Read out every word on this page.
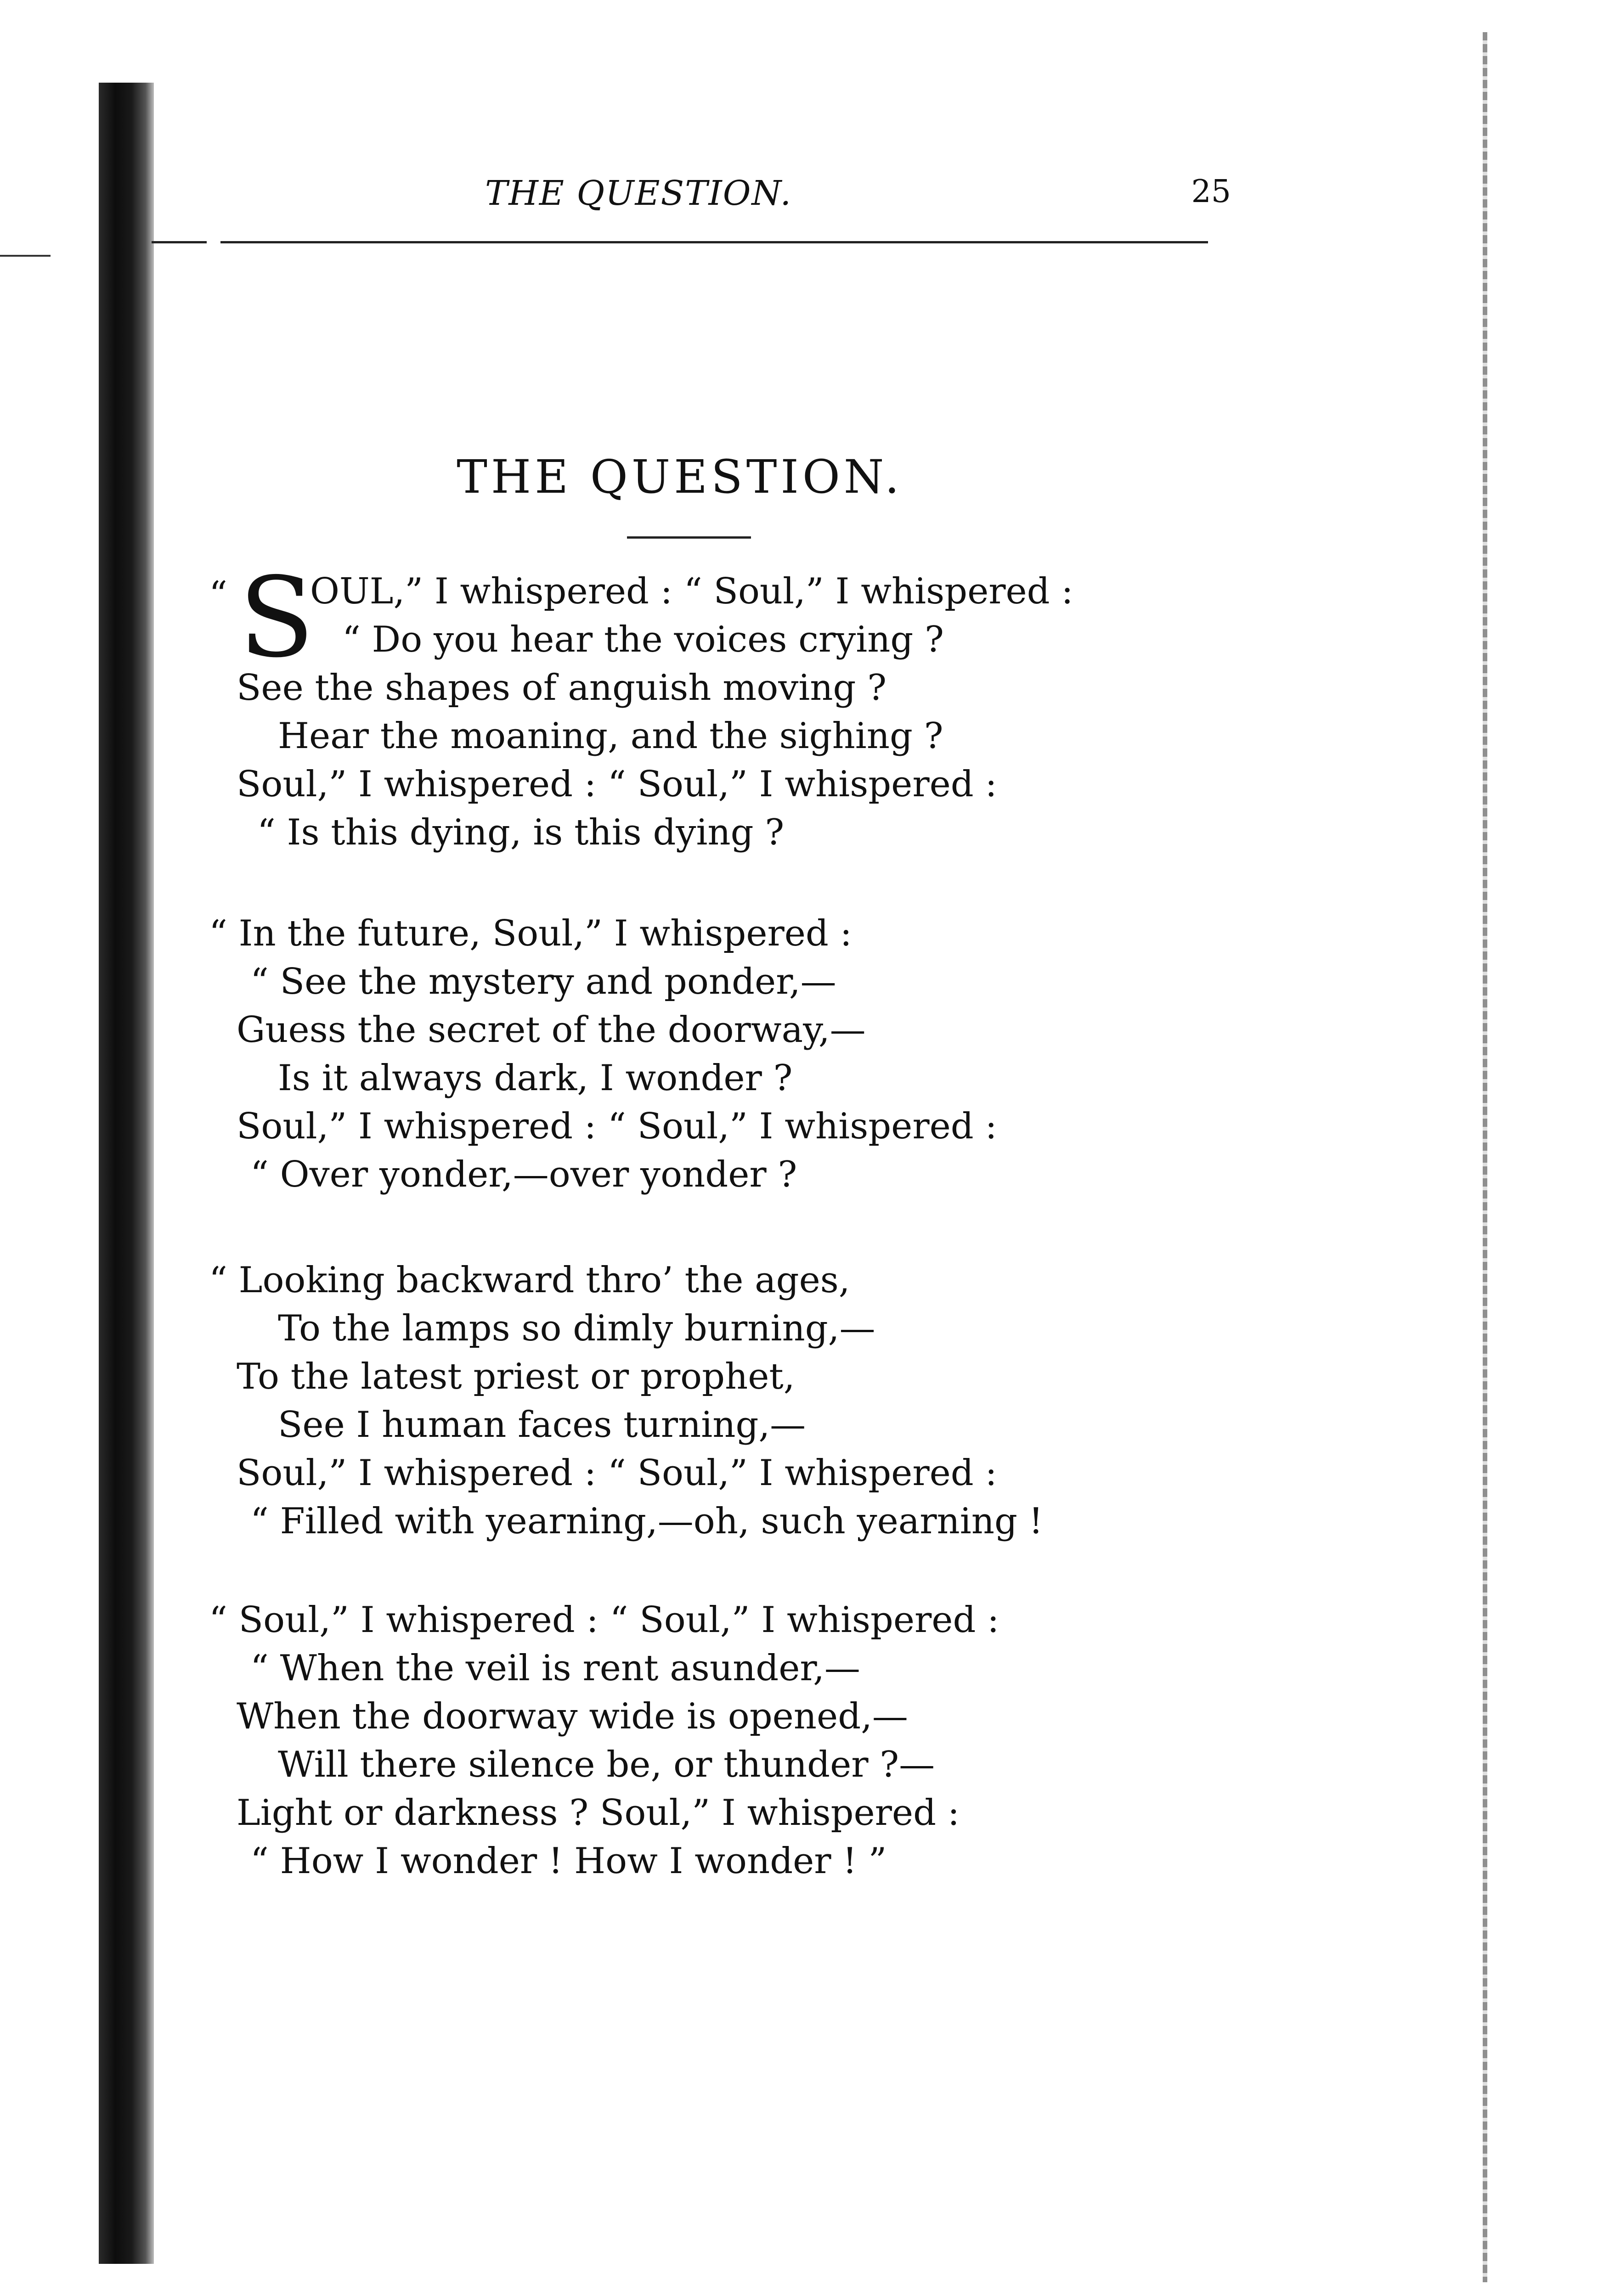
THE QUESTION.	25
THE QUESTION.
“ S
OUL,” I whispered : “ Soul,” I whispered :
“ Do you hear the voices crying ?
See the shapes of anguish moving ?
Hear the moaning, and the sighing ?
Soul,” I whispered : “ Soul,” I whispered :
“ Is this dying, is this dying ?
“ In the future, Soul,” I whispered :
“ See the mystery and ponder,—
Guess the secret of the doorway,—
Is it always dark, I wonder ?
Soul,” I whispered : “ Soul,” I whispered :
“ Over yonder,—over yonder ?
“ Looking backward thro’ the ages,
To the lamps so dimly burning,—
To the latest priest or prophet,
See I human faces turning,—
Soul,” I whispered : “ Soul,” I whispered :
“ Filled with yearning,—oh, such yearning !
“ Soul,” I whispered : “ Soul,” I whispered :
“ When the veil is rent asunder,—
When the doorway wide is opened,—
Will there silence be, or thunder ?—
Light or darkness ? Soul,” I whispered :
“ How I wonder ! How I wonder ! ”
